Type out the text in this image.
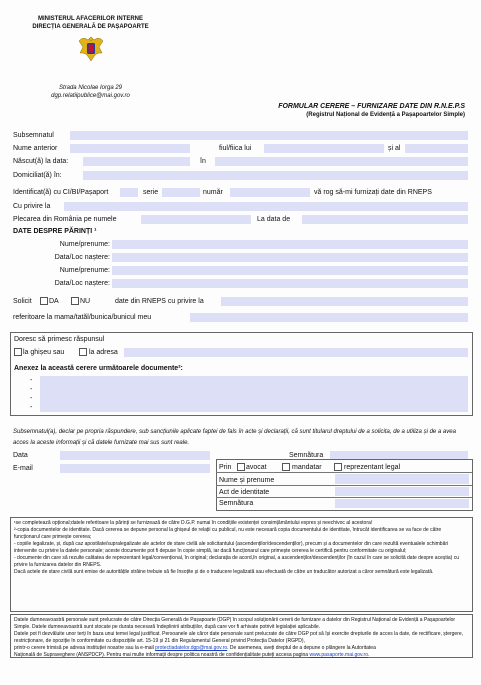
MINISTERUL AFACERILOR INTERNE
DIRECȚIA GENERALĂ DE PAȘAPOARTE
Strada Nicolae Iorga 29
dgp.relatiipublice@mai.gov.ro
FORMULAR CERERE – FURNIZARE DATE DIN R.N.E.P.S
(Registrul Național de Evidență a Pașapoartelor Simple)
Subsemnatul
Nume anterior	fiul/fiica lui	și al
Născut(ă) la data:	în
Domiciliat(ă) în:
Identificat(ă) cu CI/BI/Pașaport	serie	număr	vă rog să-mi furnizați date din RNEPS
Cu privire la
Plecarea din România pe numele	La data de
DATE DESPRE PĂRINȚI ¹
Nume/prenume:
Data/Loc naștere:
Nume/prenume:
Data/Loc naștere:
Solicit DA	NU	date din RNEPS cu privire la
referitoare la mama/tatăl/bunica/bunicul meu
Doresc să primesc răspunsul
la ghișeu sau	la adresa
Anexez la această cerere următoarele documente²:
-
-
-
-
Subsemnatul(a), declar pe propria răspundere, sub sancțiunile aplicate faptei de fals în acte și declarații, că sunt titularul dreptului de a solicita, de a utiliza și de a avea acces la aceste informații și că datele furnizate mai sus sunt reale.
Data	Semnătura
E-mail	Prin avocat	mandatar	reprezentant legal
Nume și prenume
Act de identitate
Semnătura
¹se completează opțional;datele referitoare la părinți se furnizează de către D.G.P. numai în condițiile existenței consimțământului expres și neechivoc al acestora/
²-copia documentelor de identitate. Dacă cererea se depune personal la ghișeul de relații cu publicul, nu este necesară copia documentului de identitate, întrucât identificarea se va face de către funcționarul care primește cererea;
- copiile legalizate, și, după caz apostilate/supralegalizate ale actelor de stare civilă ale solicitantului (ascendenților/descendenților), precum și a documentelor din care rezultă eventualele schimbări intervenite cu privire la datele personale; aceste documente pot fi depuse în copie simplă, iar dacă funcționarul care primește cererea le certifică pentru conformitate cu originalul;
- documente din care să rezulte calitatea de reprezentant legal/convențional, în original; declarația de acord,în original, a ascendenților/descendenților (în cazul în care se solicită date despre aceștia) cu privire la furnizarea datelor din RNEPS.
Dacă actele de stare civilă sunt emise de autoritățile străine trebuie să fie însoțite și de o traducere legalizată sau efectuată de către un traducător autorizat a căror semnătură este legalizată.
Datele dumneavoastră personale sunt prelucrate de către Direcția Generală de Pașapoarte (DGP) în scopul soluționării cererii de furnizare a datelor din Registrul Național de Evidență a Pașapoartelor Simple. Datele dumneavoastră sunt stocate pe durata necesară îndeplinirii atribuțiilor, după care vor fi arhivate potrivit legislației aplicabile.
Datele pot fi dezvăluite unor terți în baza unui temei legal justificat. Persoanele ale căror date personale sunt prelucrate de către DGP pot să își exercite drepturile de acces la date, de rectificare, ștergere, restricționare, de opoziție în conformitate cu dispozițiile art. 15-19 și 21 din Regulamentul General privind Protecția Datelor (RGPD),
printr-o cerere trimisă pe adresa instituției noastre sau la e-mail protectiadatelor.dgp@mai.gov.ro. De asemenea, aveți dreptul de a depune o plângere la Autoritatea
Națională de Supraveghere (ANSPDCP). Pentru mai multe informații despre politica noastră de confidențialitate puteți accesa pagina www.pasaporte.mai.gov.ro.
